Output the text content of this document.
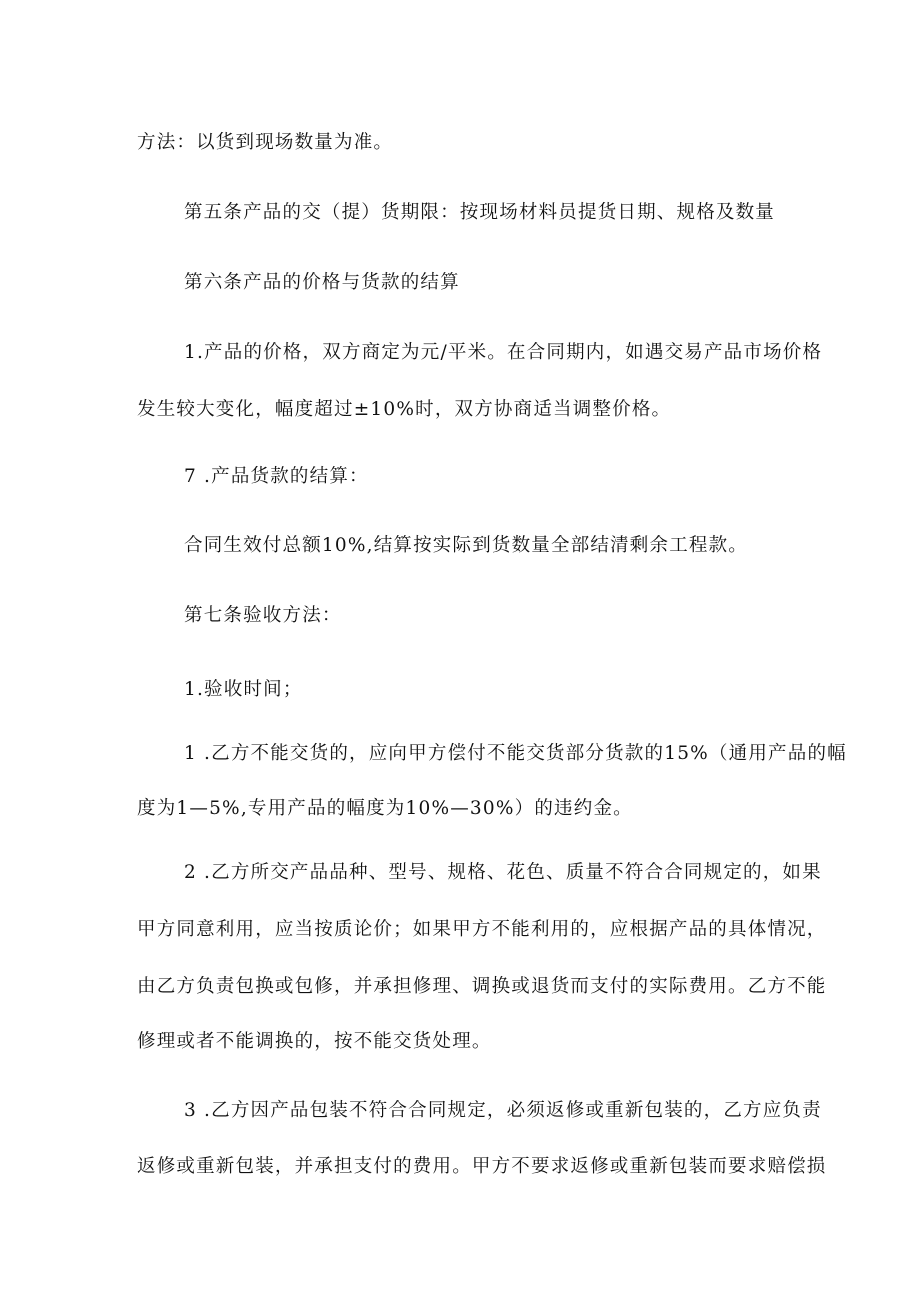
方法：以货到现场数量为准。
第五条产品的交（提）货期限：按现场材料员提货日期、规格及数量
第六条产品的价格与货款的结算
1.产品的价格，双方商定为元/平米。在合同期内，如遇交易产品市场价格
发生较大变化，幅度超过±10%时，双方协商适当调整价格。
7 .产品货款的结算：
合同生效付总额10%,结算按实际到货数量全部结清剩余工程款。
第七条验收方法：
1.验收时间；
1 .乙方不能交货的，应向甲方偿付不能交货部分货款的15%（通用产品的幅
度为1—5%,专用产品的幅度为10%—30%）的违约金。
2 .乙方所交产品品种、型号、规格、花色、质量不符合合同规定的，如果
甲方同意利用，应当按质论价；如果甲方不能利用的，应根据产品的具体情况，
由乙方负责包换或包修，并承担修理、调换或退货而支付的实际费用。乙方不能
修理或者不能调换的，按不能交货处理。
3 .乙方因产品包装不符合合同规定，必须返修或重新包装的，乙方应负责
返修或重新包装，并承担支付的费用。甲方不要求返修或重新包装而要求赔偿损
